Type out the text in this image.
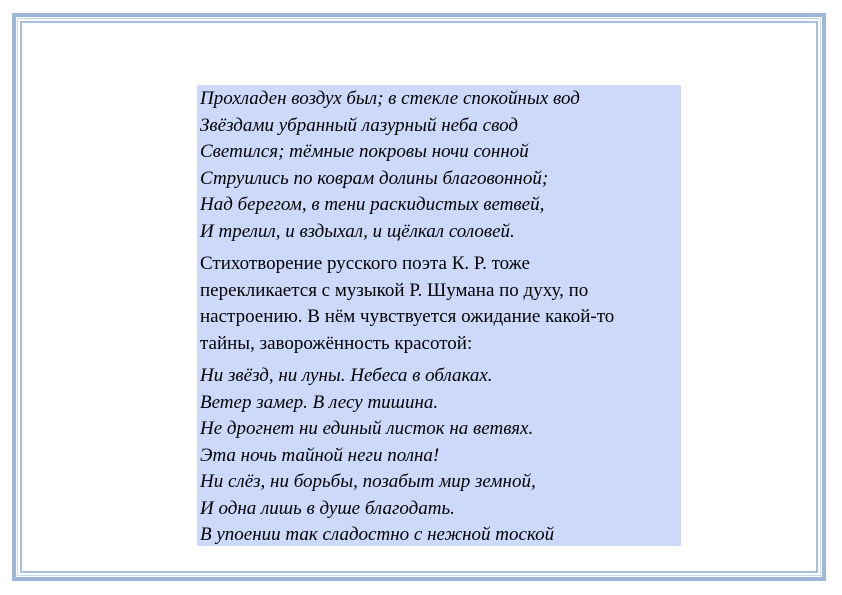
Прохладен воздух был; в стекле спокойных вод
Звёздами убранный лазурный неба свод
Светился; тёмные покровы ночи сонной
Струились по коврам долины благовонной;
Над берегом, в тени раскидистых ветвей,
И трелил, и вздыхал, и щёлкал соловей.
Стихотворение русского поэта К. Р. тоже
перекликается с музыкой Р. Шумана по духу, по
настроению. В нём чувствуется ожидание какой-то
тайны, заворожённость красотой:
Ни звёзд, ни луны. Небеса в облаках.
Ветер замер. В лесу тишина.
Не дрогнет ни единый листок на ветвях.
Эта ночь тайной неги полна!
Ни слёз, ни борьбы, позабыт мир земной,
И одна лишь в душе благодать.
В упоении так сладостно с нежной тоской
